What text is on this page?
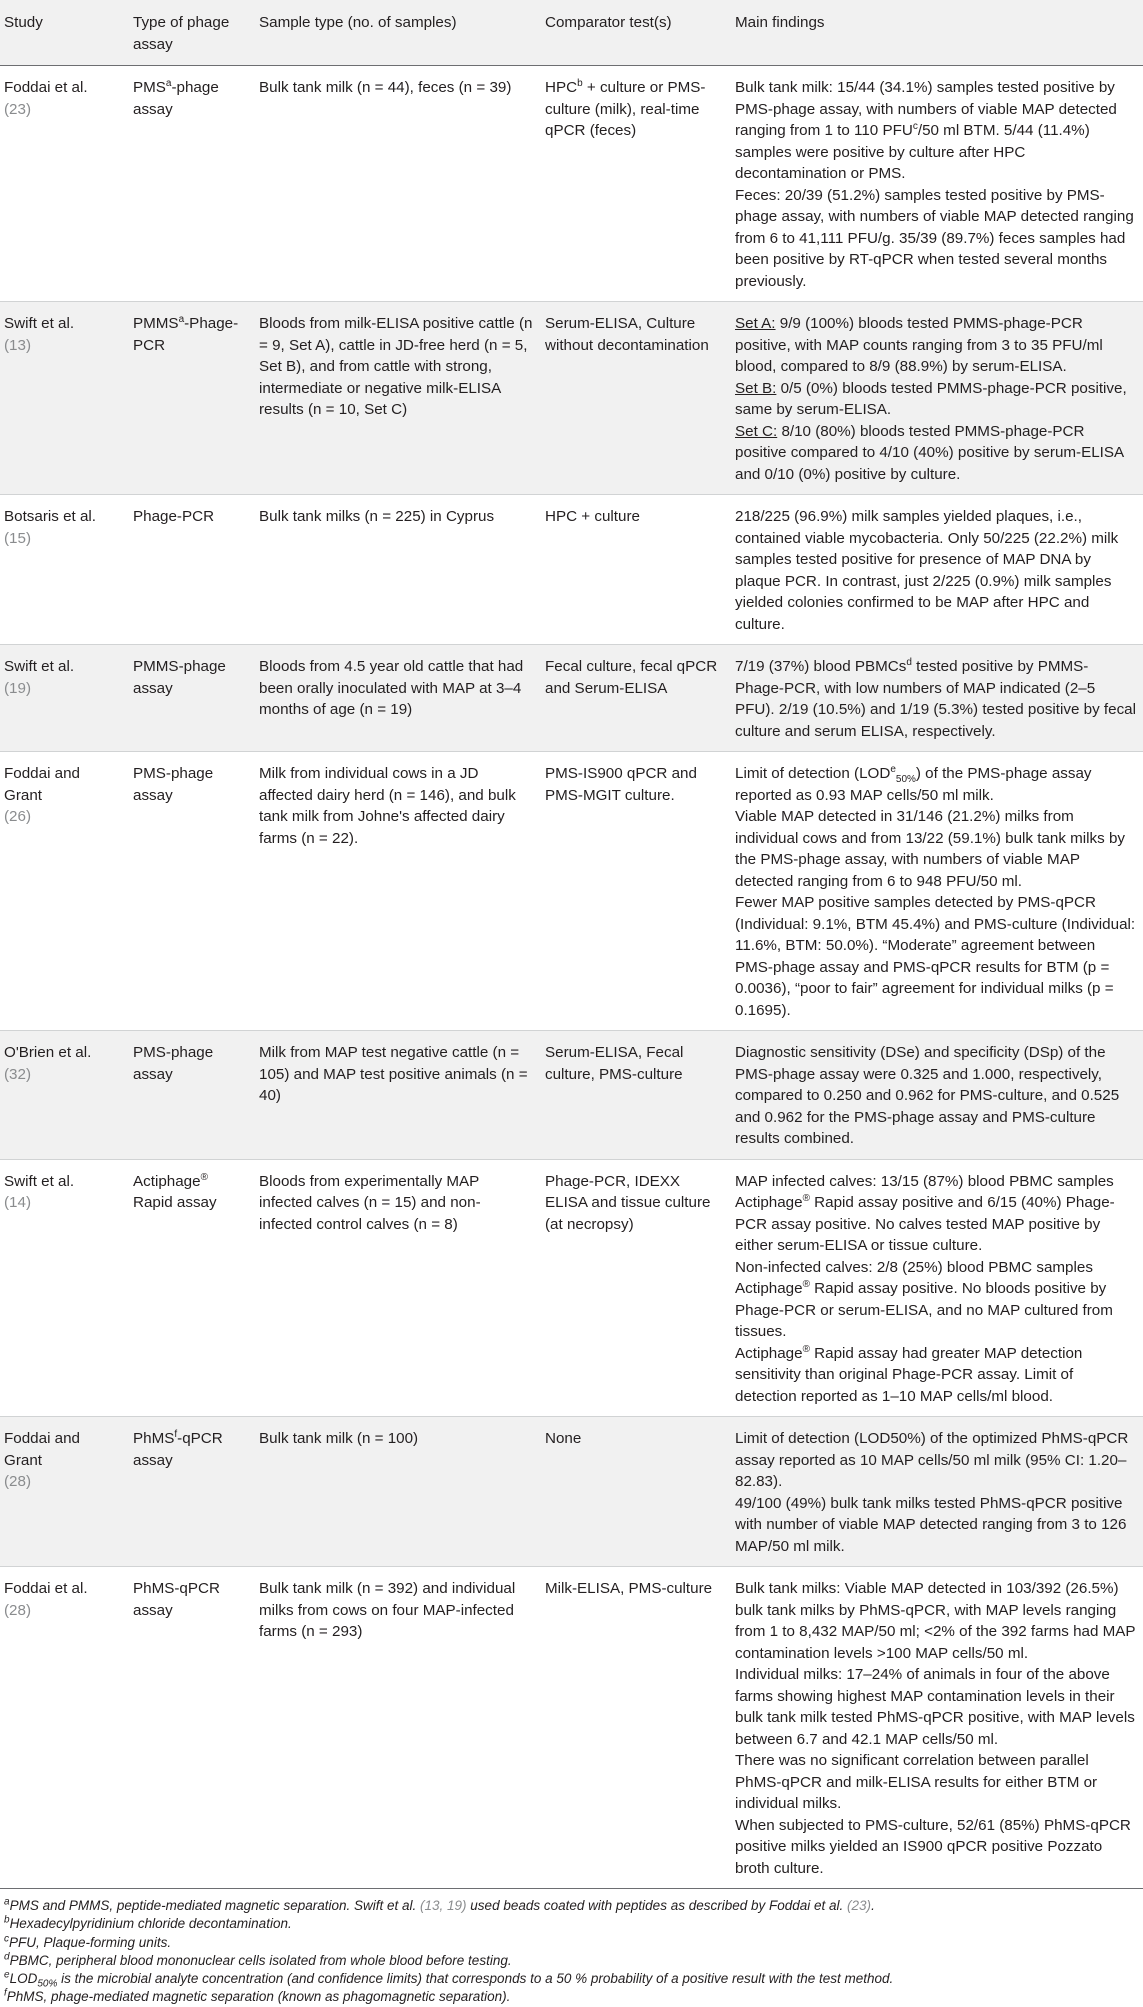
Study	Type of phage assay	Sample type (no. of samples)	Comparator test(s)	Main findings
Foddai et al.
(23)	PMS$^a$-phage assay	Bulk tank milk (n = 44), feces (n = 39)	$HPC^b$ + culture or PMS-culture (milk), real-time qPCR (feces)	Bulk tank milk: 15/44 (34.1%) samples tested positive by PMS-phage assay, with numbers of viable MAP detected ranging from 1 to 110 PFU$^c$/50 ml BTM. 5/44 (11.4%) samples were positive by culture after HPC decontamination or PMS.
Feces: 20/39 (51.2%) samples tested positive by PMS-phage assay, with numbers of viable MAP detected ranging from 6 to 41,111 PFU/g. 35/39 (89.7%) feces samples had been positive by RT-qPCR when tested several months previously.

Swift et al.
(13)	PMMS$^a$-Phage-PCR	Bloods from milk-ELISA positive cattle (n = 9, Set A), cattle in JD-free herd (n = 5, Set B), and from cattle with strong, intermediate or negative milk-ELISA results (n = 10, Set C)	Serum-ELISA, Culture without decontamination	Set A: 9/9 (100%) bloods tested PMMS-phage-PCR positive, with MAP counts ranging from 3 to 35 PFU/ml blood, compared to 8/9 (88.9%) by serum-ELISA.
Set B: 0/5 (0%) bloods tested PMMS-phage-PCR positive, same by serum-ELISA.
Set C: 8/10 (80%) bloods tested PMMS-phage-PCR positive compared to 4/10 (40%) positive by serum-ELISA and 0/10 (0%) positive by culture.

Botsaris et al.
(15)	Phage-PCR	Bulk tank milks (n = 225) in Cyprus	HPC + culture	218/225 (96.9%) milk samples yielded plaques, i.e., contained viable mycobacteria. Only 50/225 (22.2%) milk samples tested positive for presence of MAP DNA by plaque PCR. In contrast, just 2/225 (0.9%) milk samples yielded colonies confirmed to be MAP after HPC and culture.
Swift et al.
(19)	PMMS-phage assay	Bloods from 4.5 year old cattle that had been orally inoculated with MAP at 3–4 months of age (n = 19)	Fecal culture, fecal qPCR and Serum-ELISA	7/19 (37%) blood PBMCs$^d$ tested positive by PMMS-Phage-PCR, with low numbers of MAP indicated (2–5 PFU). 2/19 (10.5%) and 1/19 (5.3%) tested positive by fecal culture and serum ELISA, respectively.
Foddai and Grant
(26)	PMS-phage assay	Milk from individual cows in a JD affected dairy herd (n = 146), and bulk tank milk from Johne's affected dairy farms (n = 22).	PMS-IS900 qPCR and PMS-MGIT culture.	Limit of detection $(LOD^e_{50\%})$ of the PMS-phage assay reported as 0.93 MAP cells/50 ml milk.
Viable MAP detected in 31/146 (21.2%) milks from individual cows and from 13/22 (59.1%) bulk tank milks by the PMS-phage assay, with numbers of viable MAP detected ranging from 6 to 948 PFU/50 ml.
Fewer MAP positive samples detected by PMS-qPCR (Individual: 9.1%, BTM 45.4%) and PMS-culture (Individual: 11.6%, BTM: 50.0%). “Moderate” agreement between PMS-phage assay and PMS-qPCR results for BTM (p = 0.0036), “poor to fair” agreement for individual milks (p = 0.1695).

O'Brien et al.
(32)	PMS-phage assay	Milk from MAP test negative cattle (n = 105) and MAP test positive animals (n = 40)	Serum-ELISA, Fecal culture, PMS-culture	Diagnostic sensitivity (DSe) and specificity (DSp) of the PMS-phage assay were 0.325 and 1.000, respectively, compared to 0.250 and 0.962 for PMS-culture, and 0.525 and 0.962 for the PMS-phage assay and PMS-culture results combined.
Swift et al.
(14)	Actiphage® Rapid assay	Bloods from experimentally MAP infected calves (n = 15) and non-infected control calves (n = 8)	Phage-PCR, IDEXX ELISA and tissue culture (at necropsy)	MAP infected calves: 13/15 (87%) blood PBMC samples Actiphage® Rapid assay positive and 6/15 (40%) Phage-PCR assay positive. No calves tested MAP positive by either serum-ELISA or tissue culture.
Non-infected calves: 2/8 (25%) blood PBMC samples Actiphage® Rapid assay positive. No bloods positive by Phage-PCR or serum-ELISA, and no MAP cultured from tissues.
Actiphage® Rapid assay had greater MAP detection sensitivity than original Phage-PCR assay. Limit of detection reported as 1–10 MAP cells/ml blood.

Foddai and Grant
(28)	PhMS$^f$-qPCR assay	Bulk tank milk (n = 100)	None	Limit of detection (LOD50%) of the optimized PhMS-qPCR assay reported as 10 MAP cells/50 ml milk (95% CI: 1.20–82.83).
49/100 (49%) bulk tank milks tested PhMS-qPCR positive with number of viable MAP detected ranging from 3 to 126 MAP/50 ml milk.

Foddai et al.
(28)	PhMS-qPCR assay	Bulk tank milk (n = 392) and individual milks from cows on four MAP-infected farms (n = 293)	Milk-ELISA, PMS-culture	Bulk tank milks: Viable MAP detected in 103/392 (26.5%) bulk tank milks by PhMS-qPCR, with MAP levels ranging from 1 to 8,432 MAP/50 ml; <2% of the 392 farms had MAP contamination levels >100 MAP cells/50 ml.
Individual milks: 17–24% of animals in four of the above farms showing highest MAP contamination levels in their bulk tank milk tested PhMS-qPCR positive, with MAP levels between 6.7 and 42.1 MAP cells/50 ml.
There was no significant correlation between parallel PhMS-qPCR and milk-ELISA results for either BTM or individual milks.
When subjected to PMS-culture, 52/61 (85%) PhMS-qPCR positive milks yielded an IS900 qPCR positive Pozzato broth culture.
$^a$PMS and PMMS, peptide-mediated magnetic separation. Swift et al. (13, 19) used beads coated with peptides as described by Foddai et al. (23).
$^b$Hexadecylpyridinium chloride decontamination.
$^c$PFU, Plaque-forming units.
$^d$PBMC, peripheral blood mononuclear cells isolated from whole blood before testing.
$^eLOD_{50\%}$ is the microbial analyte concentration (and confidence limits) that corresponds to a 50 % probability of a positive result with the test method.
$^f$PhMS, phage-mediated magnetic separation (known as phagomagnetic separation).
